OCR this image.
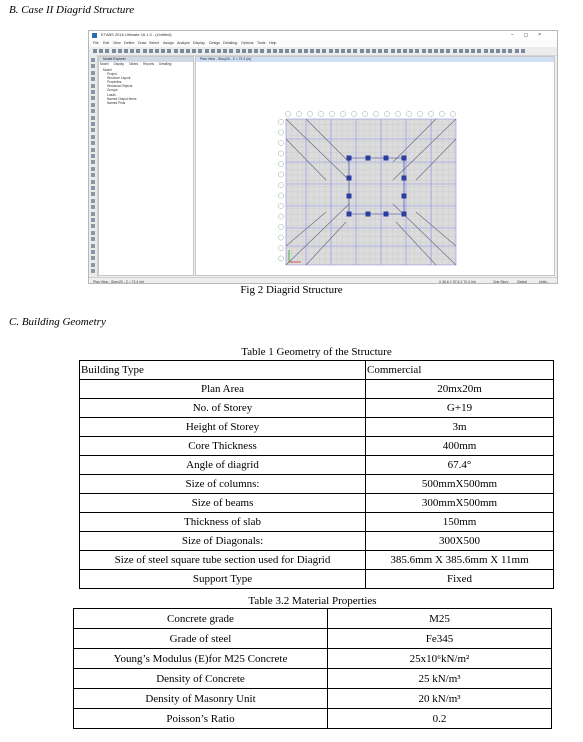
B. Case II Diagrid Structure
ETABS 2016 Ultimate 16.1.0 - (Untitled)	−◻×
File Edit View Define Draw Select Assign Analyze Display Design Detailing Options Tools Help
Model Explorer
Model Display Tables Reports Detailing
Model
Project
Structure Layout
Properties
Structural Objects
Groups
Loads
Named Output Items
Named Plots
Plan View - Story20 - Z = 72.4 (m)
Plan View - Story20 - Z = 72.4 (m)	X 36.6 Y 57.6 Z 72.4 (m)	One Story	Global	Units...
Fig 2 Diagrid Structure
C. Building Geometry
Table 1 Geometry of the Structure
Building Type	Commercial
Plan Area	20mx20m
No. of Storey	G+19
Height of Storey	3m
Core Thickness	400mm
Angle of diagrid	67.4°
Size of columns:	500mmX500mm
Size of beams	300mmX500mm
Thickness of slab	150mm
Size of Diagonals:	300X500
Size of steel square tube section used for Diagrid	385.6mm X 385.6mm X 11mm
Support Type	Fixed
Table 3.2 Material Properties
Concrete grade	M25
Grade of steel	Fe345
Young’s Modulus (E)for M25 Concrete	25x10⁶kN/m²
Density of Concrete	25 kN/m³
Density of Masonry Unit	20 kN/m³
Poisson’s Ratio	0.2
